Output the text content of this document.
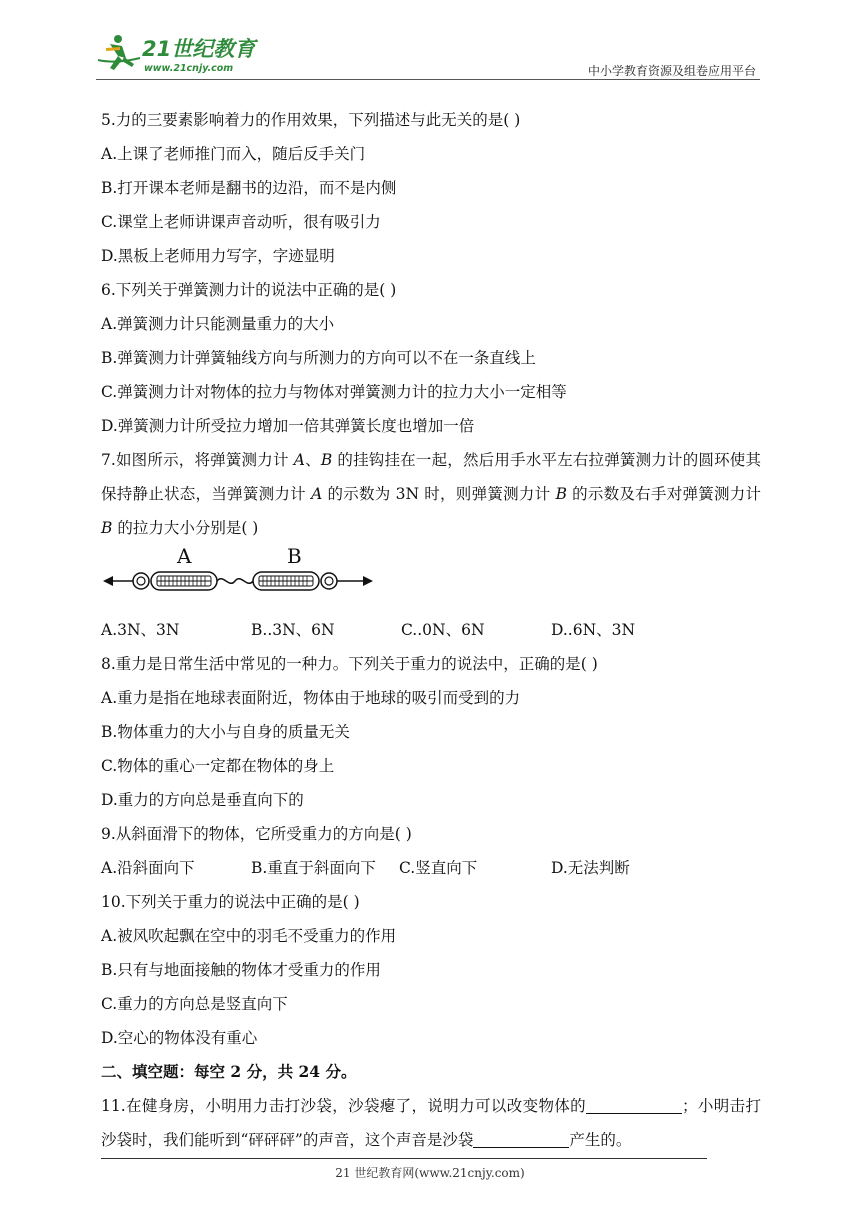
21世纪教育
www.21cnjy.com	中小学教育资源及组卷应用平台
5.力的三要素影响着力的作用效果，下列描述与此无关的是( )
A.上课了老师推门而入，随后反手关门
B.打开课本老师是翻书的边沿，而不是内侧
C.课堂上老师讲课声音动听，很有吸引力
D.黑板上老师用力写字，字迹显明
6.下列关于弹簧测力计的说法中正确的是( )
A.弹簧测力计只能测量重力的大小
B.弹簧测力计弹簧轴线方向与所测力的方向可以不在一条直线上
C.弹簧测力计对物体的拉力与物体对弹簧测力计的拉力大小一定相等
D.弹簧测力计所受拉力增加一倍其弹簧长度也增加一倍
7.如图所示，将弹簧测力计 A、B 的挂钩挂在一起，然后用手水平左右拉弹簧测力计的圆环使其保持静止状态，当弹簧测力计 A 的示数为 3N 时，则弹簧测力计 B 的示数及右手对弹簧测力计 B 的拉力大小分别是( )
A	B
A.3N、3N	B..3N、6N	C..0N、6N	D..6N、3N
8.重力是日常生活中常见的一种力。下列关于重力的说法中，正确的是( )
A.重力是指在地球表面附近，物体由于地球的吸引而受到的力
B.物体重力的大小与自身的质量无关
C.物体的重心一定都在物体的身上
D.重力的方向总是垂直向下的
9.从斜面滑下的物体，它所受重力的方向是( )
A.沿斜面向下	B.重直于斜面向下	C.竖直向下	D.无法判断
10.下列关于重力的说法中正确的是( )
A.被风吹起飘在空中的羽毛不受重力的作用
B.只有与地面接触的物体才受重力的作用
C.重力的方向总是竖直向下
D.空心的物体没有重心
二、填空题：每空 2 分，共 24 分。
11.在健身房，小明用力击打沙袋，沙袋瘪了，说明力可以改变物体的	；小明击打沙袋时，我们能听到“砰砰砰”的声音，这个声音是沙袋	产生的。
21 世纪教育网(www.21cnjy.com)
